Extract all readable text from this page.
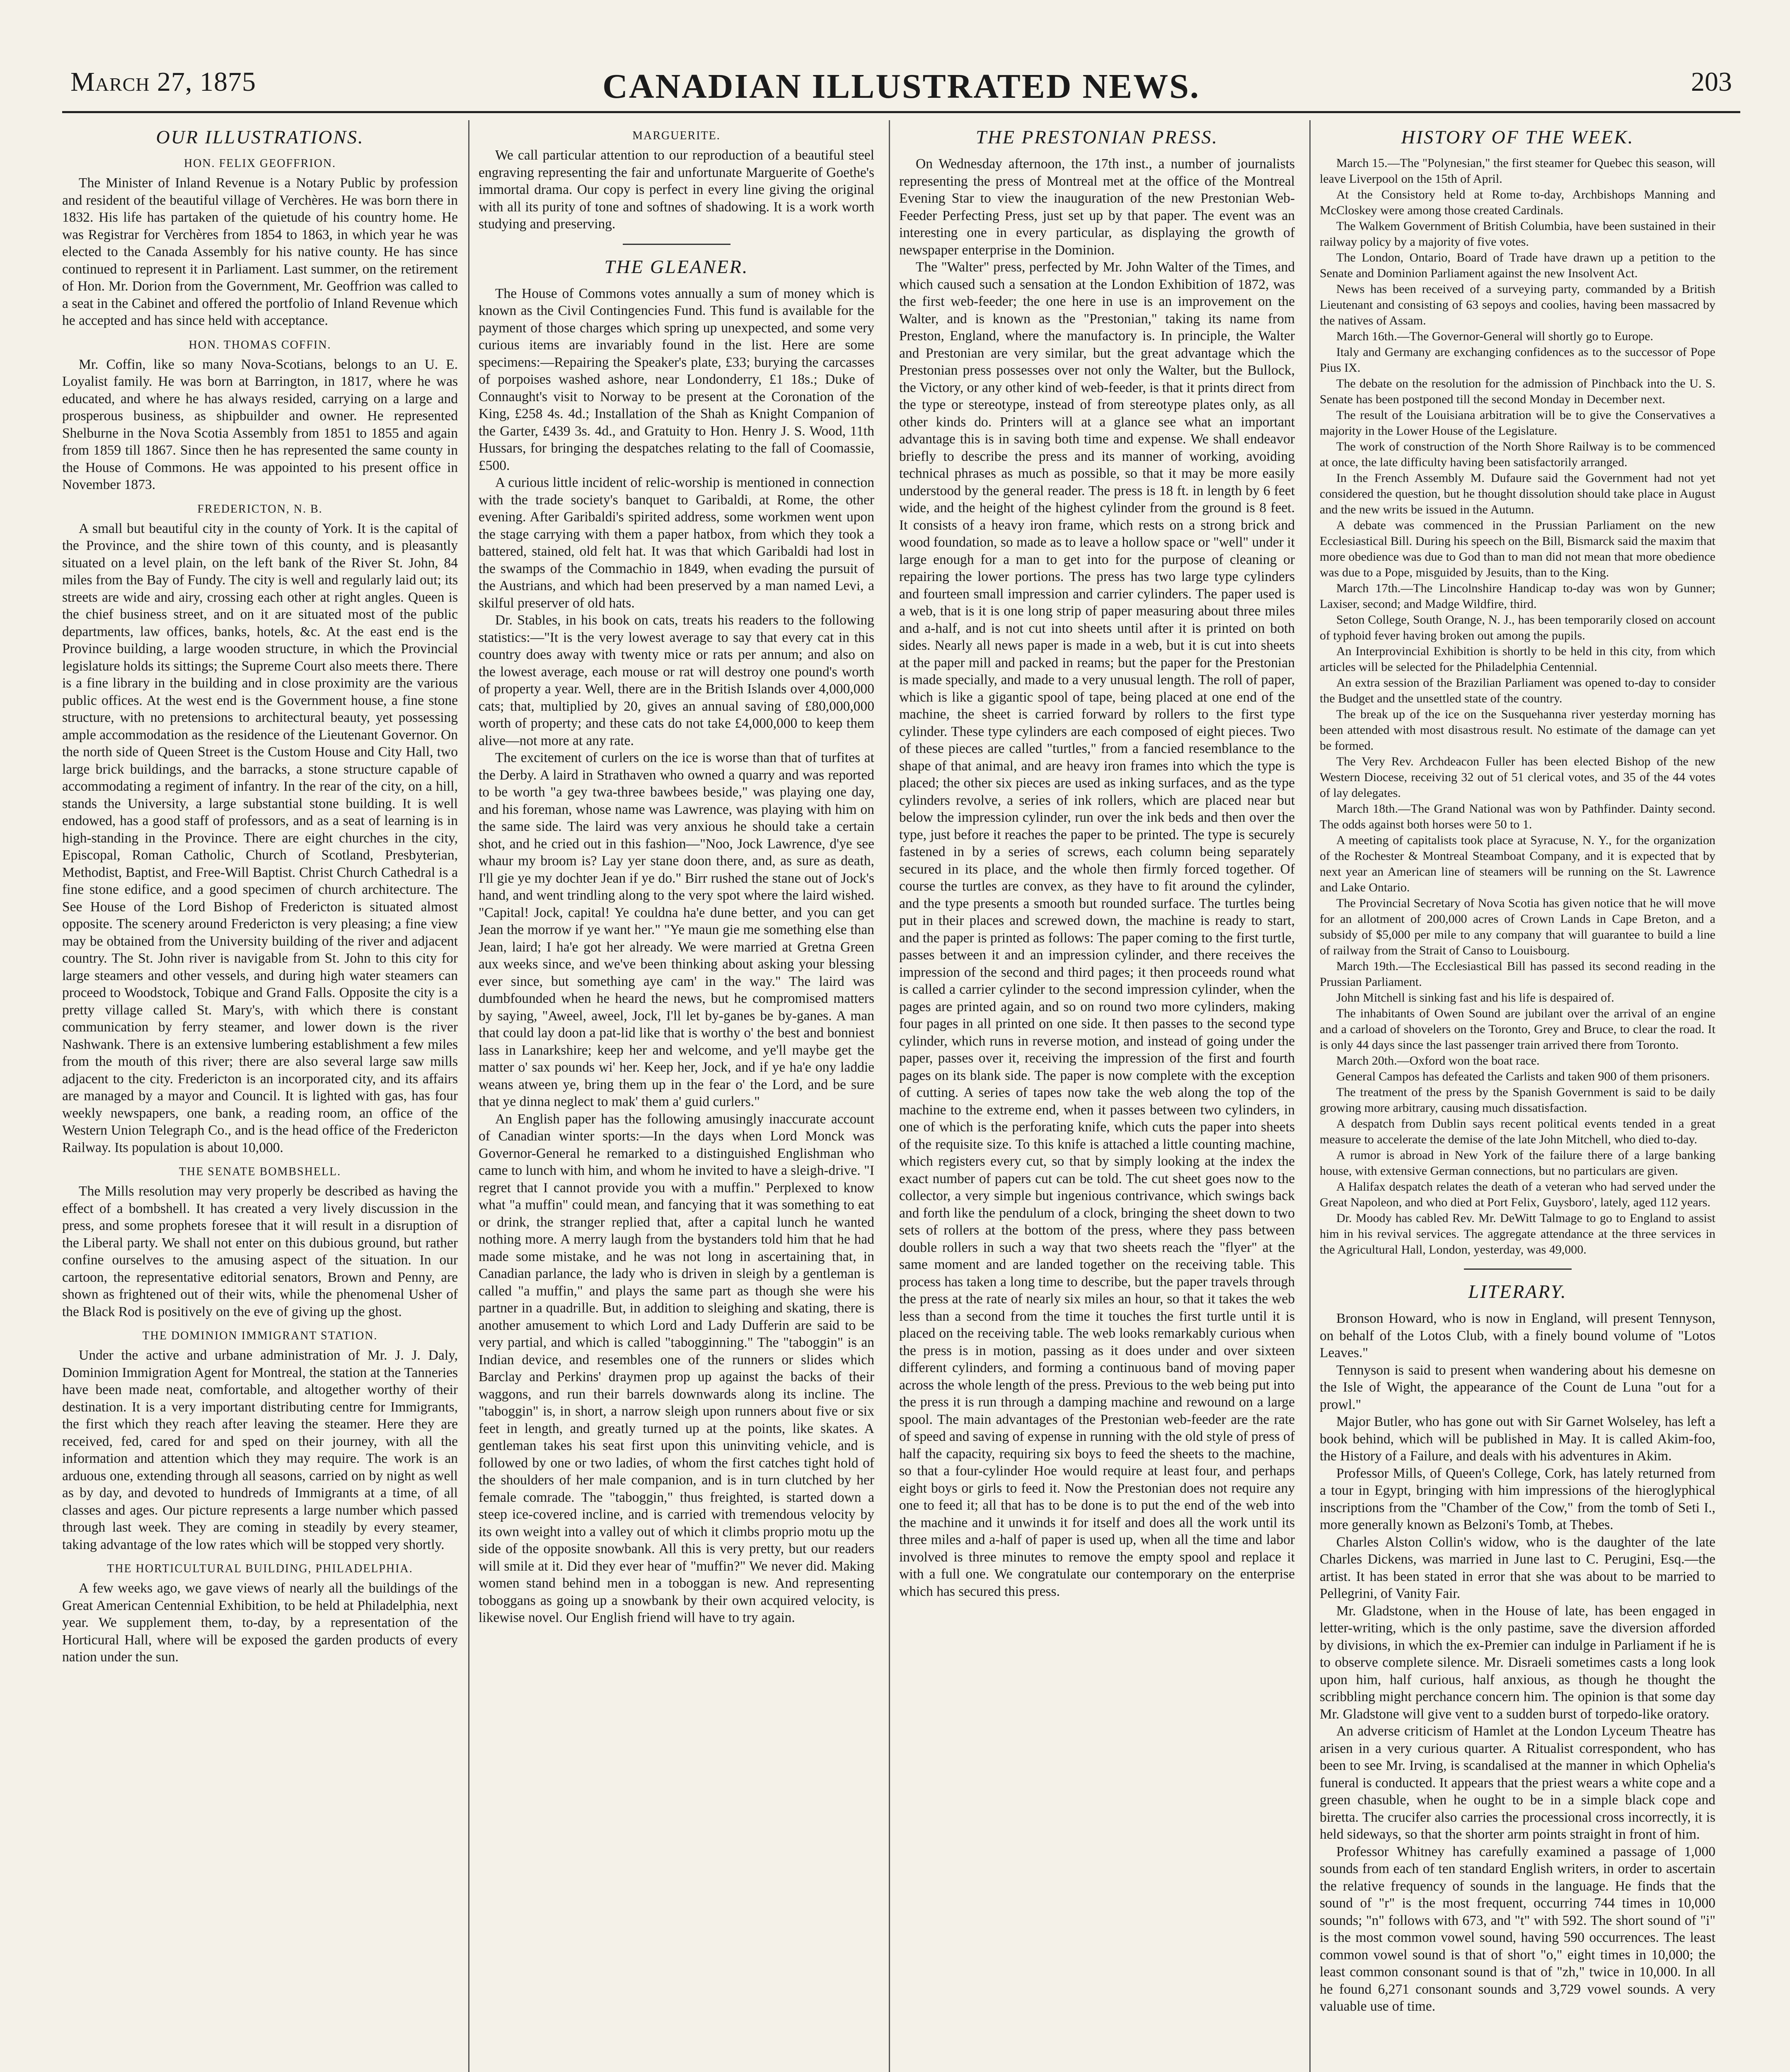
March 27, 1875	CANADIAN ILLUSTRATED NEWS.	203
OUR ILLUSTRATIONS.
HON. FELIX GEOFFRION.

The Minister of Inland Revenue is a Notary Public by profession and resident of the beautiful village of Verchères. He was born there in 1832. His life has partaken of the quietude of his country home. He was Registrar for Verchères from 1854 to 1863, in which year he was elected to the Canada Assembly for his native county. He has since continued to represent it in Parliament. Last summer, on the retirement of Hon. Mr. Dorion from the Government, Mr. Geoffrion was called to a seat in the Cabinet and offered the portfolio of Inland Revenue which he accepted and has since held with acceptance.

HON. THOMAS COFFIN.

Mr. Coffin, like so many Nova-Scotians, belongs to an U. E. Loyalist family. He was born at Barrington, in 1817, where he was educated, and where he has always resided, carrying on a large and prosperous business, as shipbuilder and owner. He represented Shelburne in the Nova Scotia Assembly from 1851 to 1855 and again from 1859 till 1867. Since then he has represented the same county in the House of Commons. He was appointed to his present office in November 1873.

FREDERICTON, N. B.

A small but beautiful city in the county of York. It is the capital of the Province, and the shire town of this county, and is pleasantly situated on a level plain, on the left bank of the River St. John, 84 miles from the Bay of Fundy. The city is well and regularly laid out; its streets are wide and airy, crossing each other at right angles. Queen is the chief business street, and on it are situated most of the public departments, law offices, banks, hotels, &c. At the east end is the Province building, a large wooden structure, in which the Provincial legislature holds its sittings; the Supreme Court also meets there. There is a fine library in the building and in close proximity are the various public offices. At the west end is the Government house, a fine stone structure, with no pretensions to architectural beauty, yet possessing ample accommodation as the residence of the Lieutenant Governor. On the north side of Queen Street is the Custom House and City Hall, two large brick buildings, and the barracks, a stone structure capable of accommodating a regiment of infantry. In the rear of the city, on a hill, stands the University, a large substantial stone building. It is well endowed, has a good staff of professors, and as a seat of learning is in high-standing in the Province. There are eight churches in the city, Episcopal, Roman Catholic, Church of Scotland, Presbyterian, Methodist, Baptist, and Free-Will Baptist. Christ Church Cathedral is a fine stone edifice, and a good specimen of church architecture. The See House of the Lord Bishop of Fredericton is situated almost opposite. The scenery around Fredericton is very pleasing; a fine view may be obtained from the University building of the river and adjacent country. The St. John river is navigable from St. John to this city for large steamers and other vessels, and during high water steamers can proceed to Woodstock, Tobique and Grand Falls. Opposite the city is a pretty village called St. Mary's, with which there is constant communication by ferry steamer, and lower down is the river Nashwank. There is an extensive lumbering establishment a few miles from the mouth of this river; there are also several large saw mills adjacent to the city. Fredericton is an incorporated city, and its affairs are managed by a mayor and Council. It is lighted with gas, has four weekly newspapers, one bank, a reading room, an office of the Western Union Telegraph Co., and is the head office of the Fredericton Railway. Its population is about 10,000.

THE SENATE BOMBSHELL.

The Mills resolution may very properly be described as having the effect of a bombshell. It has created a very lively discussion in the press, and some prophets foresee that it will result in a disruption of the Liberal party. We shall not enter on this dubious ground, but rather confine ourselves to the amusing aspect of the situation. In our cartoon, the representative editorial senators, Brown and Penny, are shown as frightened out of their wits, while the phenomenal Usher of the Black Rod is positively on the eve of giving up the ghost.

THE DOMINION IMMIGRANT STATION.

Under the active and urbane administration of Mr. J. J. Daly, Dominion Immigration Agent for Montreal, the station at the Tanneries have been made neat, comfortable, and altogether worthy of their destination. It is a very important distributing centre for Immigrants, the first which they reach after leaving the steamer. Here they are received, fed, cared for and sped on their journey, with all the information and attention which they may require. The work is an arduous one, extending through all seasons, carried on by night as well as by day, and devoted to hundreds of Immigrants at a time, of all classes and ages. Our picture represents a large number which passed through last week. They are coming in steadily by every steamer, taking advantage of the low rates which will be stopped very shortly.

THE HORTICULTURAL BUILDING, PHILADELPHIA.

A few weeks ago, we gave views of nearly all the buildings of the Great American Centennial Exhibition, to be held at Philadelphia, next year. We supplement them, to-day, by a representation of the Horticural Hall, where will be exposed the garden products of every nation under the sun.

MARGUERITE.

We call particular attention to our reproduction of a beautiful steel engraving representing the fair and unfortunate Marguerite of Goethe's immortal drama. Our copy is perfect in every line giving the original with all its purity of tone and softnes of shadowing. It is a work worth studying and preserving.

THE GLEANER.

The House of Commons votes annually a sum of money which is known as the Civil Contingencies Fund. This fund is available for the payment of those charges which spring up unexpected, and some very curious items are invariably found in the list. Here are some specimens:—Repairing the Speaker's plate, £33; burying the carcasses of porpoises washed ashore, near Londonderry, £1 18s.; Duke of Connaught's visit to Norway to be present at the Coronation of the King, £258 4s. 4d.; Installation of the Shah as Knight Companion of the Garter, £439 3s. 4d., and Gratuity to Hon. Henry J. S. Wood, 11th Hussars, for bringing the despatches relating to the fall of Coomassie, £500.

A curious little incident of relic-worship is mentioned in connection with the trade society's banquet to Garibaldi, at Rome, the other evening. After Garibaldi's spirited address, some workmen went upon the stage carrying with them a paper hatbox, from which they took a battered, stained, old felt hat. It was that which Garibaldi had lost in the swamps of the Commachio in 1849, when evading the pursuit of the Austrians, and which had been preserved by a man named Levi, a skilful preserver of old hats.

Dr. Stables, in his book on cats, treats his readers to the following statistics:—"It is the very lowest average to say that every cat in this country does away with twenty mice or rats per annum; and also on the lowest average, each mouse or rat will destroy one pound's worth of property a year. Well, there are in the British Islands over 4,000,000 cats; that, multiplied by 20, gives an annual saving of £80,000,000 worth of property; and these cats do not take £4,000,000 to keep them alive—not more at any rate.

The excitement of curlers on the ice is worse than that of turfites at the Derby. A laird in Strathaven who owned a quarry and was reported to be worth "a gey twa-three bawbees beside," was playing one day, and his foreman, whose name was Lawrence, was playing with him on the same side. The laird was very anxious he should take a certain shot, and he cried out in this fashion—"Noo, Jock Lawrence, d'ye see whaur my broom is? Lay yer stane doon there, and, as sure as death, I'll gie ye my dochter Jean if ye do." Birr rushed the stane out of Jock's hand, and went trindling along to the very spot where the laird wished. "Capital! Jock, capital! Ye couldna ha'e dune better, and you can get Jean the morrow if ye want her." "Ye maun gie me something else than Jean, laird; I ha'e got her already. We were married at Gretna Green aux weeks since, and we've been thinking about asking your blessing ever since, but something aye cam' in the way." The laird was dumbfounded when he heard the news, but he compromised matters by saying, "Aweel, aweel, Jock, I'll let by-ganes be by-ganes. A man that could lay doon a pat-lid like that is worthy o' the best and bonniest lass in Lanarkshire; keep her and welcome, and ye'll maybe get the matter o' sax pounds wi' her. Keep her, Jock, and if ye ha'e ony laddie weans atween ye, bring them up in the fear o' the Lord, and be sure that ye dinna neglect to mak' them a' guid curlers."

An English paper has the following amusingly inaccurate account of Canadian winter sports:—In the days when Lord Monck was Governor-General he remarked to a distinguished Englishman who came to lunch with him, and whom he invited to have a sleigh-drive. "I regret that I cannot provide you with a muffin." Perplexed to know what "a muffin" could mean, and fancying that it was something to eat or drink, the stranger replied that, after a capital lunch he wanted nothing more. A merry laugh from the bystanders told him that he had made some mistake, and he was not long in ascertaining that, in Canadian parlance, the lady who is driven in sleigh by a gentleman is called "a muffin," and plays the same part as though she were his partner in a quadrille. But, in addition to sleighing and skating, there is another amusement to which Lord and Lady Dufferin are said to be very partial, and which is called "tabogginning." The "taboggin" is an Indian device, and resembles one of the runners or slides which Barclay and Perkins' draymen prop up against the backs of their waggons, and run their barrels downwards along its incline. The "taboggin" is, in short, a narrow sleigh upon runners about five or six feet in length, and greatly turned up at the points, like skates. A gentleman takes his seat first upon this uninviting vehicle, and is followed by one or two ladies, of whom the first catches tight hold of the shoulders of her male companion, and is in turn clutched by her female comrade. The "taboggin," thus freighted, is started down a steep ice-covered incline, and is carried with tremendous velocity by its own weight into a valley out of which it climbs proprio motu up the side of the opposite snowbank. All this is very pretty, but our readers will smile at it. Did they ever hear of "muffin?" We never did. Making women stand behind men in a toboggan is new. And representing toboggans as going up a snowbank by their own acquired velocity, is likewise novel. Our English friend will have to try again.

THE PRESTONIAN PRESS.

On Wednesday afternoon, the 17th inst., a number of journalists representing the press of Montreal met at the office of the Montreal Evening Star to view the inauguration of the new Prestonian Web-Feeder Perfecting Press, just set up by that paper. The event was an interesting one in every particular, as displaying the growth of newspaper enterprise in the Dominion.

The "Walter" press, perfected by Mr. John Walter of the Times, and which caused such a sensation at the London Exhibition of 1872, was the first web-feeder; the one here in use is an improvement on the Walter, and is known as the "Prestonian," taking its name from Preston, England, where the manufactory is. In principle, the Walter and Prestonian are very similar, but the great advantage which the Prestonian press possesses over not only the Walter, but the Bullock, the Victory, or any other kind of web-feeder, is that it prints direct from the type or stereotype, instead of from stereotype plates only, as all other kinds do. Printers will at a glance see what an important advantage this is in saving both time and expense. We shall endeavor briefly to describe the press and its manner of working, avoiding technical phrases as much as possible, so that it may be more easily understood by the general reader. The press is 18 ft. in length by 6 feet wide, and the height of the highest cylinder from the ground is 8 feet. It consists of a heavy iron frame, which rests on a strong brick and wood foundation, so made as to leave a hollow space or "well" under it large enough for a man to get into for the purpose of cleaning or repairing the lower portions. The press has two large type cylinders and fourteen small impression and carrier cylinders. The paper used is a web, that is it is one long strip of paper measuring about three miles and a-half, and is not cut into sheets until after it is printed on both sides. Nearly all news paper is made in a web, but it is cut into sheets at the paper mill and packed in reams; but the paper for the Prestonian is made specially, and made to a very unusual length. The roll of paper, which is like a gigantic spool of tape, being placed at one end of the machine, the sheet is carried forward by rollers to the first type cylinder. These type cylinders are each composed of eight pieces. Two of these pieces are called "turtles," from a fancied resemblance to the shape of that animal, and are heavy iron frames into which the type is placed; the other six pieces are used as inking surfaces, and as the type cylinders revolve, a series of ink rollers, which are placed near but below the impression cylinder, run over the ink beds and then over the type, just before it reaches the paper to be printed. The type is securely fastened in by a series of screws, each column being separately secured in its place, and the whole then firmly forced together. Of course the turtles are convex, as they have to fit around the cylinder, and the type presents a smooth but rounded surface. The turtles being put in their places and screwed down, the machine is ready to start, and the paper is printed as follows: The paper coming to the first turtle, passes between it and an impression cylinder, and there receives the impression of the second and third pages; it then proceeds round what is called a carrier cylinder to the second impression cylinder, when the pages are printed again, and so on round two more cylinders, making four pages in all printed on one side. It then passes to the second type cylinder, which runs in reverse motion, and instead of going under the paper, passes over it, receiving the impression of the first and fourth pages on its blank side. The paper is now complete with the exception of cutting. A series of tapes now take the web along the top of the machine to the extreme end, when it passes between two cylinders, in one of which is the perforating knife, which cuts the paper into sheets of the requisite size. To this knife is attached a little counting machine, which registers every cut, so that by simply looking at the index the exact number of papers cut can be told. The cut sheet goes now to the collector, a very simple but ingenious contrivance, which swings back and forth like the pendulum of a clock, bringing the sheet down to two sets of rollers at the bottom of the press, where they pass between double rollers in such a way that two sheets reach the "flyer" at the same moment and are landed together on the receiving table. This process has taken a long time to describe, but the paper travels through the press at the rate of nearly six miles an hour, so that it takes the web less than a second from the time it touches the first turtle until it is placed on the receiving table. The web looks remarkably curious when the press is in motion, passing as it does under and over sixteen different cylinders, and forming a continuous band of moving paper across the whole length of the press. Previous to the web being put into the press it is run through a damping machine and rewound on a large spool. The main advantages of the Prestonian web-feeder are the rate of speed and saving of expense in running with the old style of press of half the capacity, requiring six boys to feed the sheets to the machine, so that a four-cylinder Hoe would require at least four, and perhaps eight boys or girls to feed it. Now the Prestonian does not require any one to feed it; all that has to be done is to put the end of the web into the machine and it unwinds it for itself and does all the work until its three miles and a-half of paper is used up, when all the time and labor involved is three minutes to remove the empty spool and replace it with a full one. We congratulate our contemporary on the enterprise which has secured this press.

HISTORY OF THE WEEK.

March 15.—The "Polynesian," the first steamer for Quebec this season, will leave Liverpool on the 15th of April.

At the Consistory held at Rome to-day, Archbishops Manning and McCloskey were among those created Cardinals.

The Walkem Government of British Columbia, have been sustained in their railway policy by a majority of five votes.

The London, Ontario, Board of Trade have drawn up a petition to the Senate and Dominion Parliament against the new Insolvent Act.

News has been received of a surveying party, commanded by a British Lieutenant and consisting of 63 sepoys and coolies, having been massacred by the natives of Assam.

March 16th.—The Governor-General will shortly go to Europe.

Italy and Germany are exchanging confidences as to the successor of Pope Pius IX.

The debate on the resolution for the admission of Pinchback into the U. S. Senate has been postponed till the second Monday in December next.

The result of the Louisiana arbitration will be to give the Conservatives a majority in the Lower House of the Legislature.

The work of construction of the North Shore Railway is to be commenced at once, the late difficulty having been satisfactorily arranged.

In the French Assembly M. Dufaure said the Government had not yet considered the question, but he thought dissolution should take place in August and the new writs be issued in the Autumn.

A debate was commenced in the Prussian Parliament on the new Ecclesiastical Bill. During his speech on the Bill, Bismarck said the maxim that more obedience was due to God than to man did not mean that more obedience was due to a Pope, misguided by Jesuits, than to the King.

March 17th.—The Lincolnshire Handicap to-day was won by Gunner; Laxiser, second; and Madge Wildfire, third.

Seton College, South Orange, N. J., has been temporarily closed on account of typhoid fever having broken out among the pupils.

An Interprovincial Exhibition is shortly to be held in this city, from which articles will be selected for the Philadelphia Centennial.

An extra session of the Brazilian Parliament was opened to-day to consider the Budget and the unsettled state of the country.

The break up of the ice on the Susquehanna river yesterday morning has been attended with most disastrous result. No estimate of the damage can yet be formed.

The Very Rev. Archdeacon Fuller has been elected Bishop of the new Western Diocese, receiving 32 out of 51 clerical votes, and 35 of the 44 votes of lay delegates.

March 18th.—The Grand National was won by Pathfinder. Dainty second. The odds against both horses were 50 to 1.

A meeting of capitalists took place at Syracuse, N. Y., for the organization of the Rochester & Montreal Steamboat Company, and it is expected that by next year an American line of steamers will be running on the St. Lawrence and Lake Ontario.

The Provincial Secretary of Nova Scotia has given notice that he will move for an allotment of 200,000 acres of Crown Lands in Cape Breton, and a subsidy of $5,000 per mile to any company that will guarantee to build a line of railway from the Strait of Canso to Louisbourg.

March 19th.—The Ecclesiastical Bill has passed its second reading in the Prussian Parliament.

John Mitchell is sinking fast and his life is despaired of.

The inhabitants of Owen Sound are jubilant over the arrival of an engine and a carload of shovelers on the Toronto, Grey and Bruce, to clear the road. It is only 44 days since the last passenger train arrived there from Toronto.

March 20th.—Oxford won the boat race.

General Campos has defeated the Carlists and taken 900 of them prisoners.

The treatment of the press by the Spanish Government is said to be daily growing more arbitrary, causing much dissatisfaction.

A despatch from Dublin says recent political events tended in a great measure to accelerate the demise of the late John Mitchell, who died to-day.

A rumor is abroad in New York of the failure there of a large banking house, with extensive German connections, but no particulars are given.

A Halifax despatch relates the death of a veteran who had served under the Great Napoleon, and who died at Port Felix, Guysboro', lately, aged 112 years.

Dr. Moody has cabled Rev. Mr. DeWitt Talmage to go to England to assist him in his revival services. The aggregate attendance at the three services in the Agricultural Hall, London, yesterday, was 49,000.

LITERARY.

Bronson Howard, who is now in England, will present Tennyson, on behalf of the Lotos Club, with a finely bound volume of "Lotos Leaves."

Tennyson is said to present when wandering about his demesne on the Isle of Wight, the appearance of the Count de Luna "out for a prowl."

Major Butler, who has gone out with Sir Garnet Wolseley, has left a book behind, which will be published in May. It is called Akim-foo, the History of a Failure, and deals with his adventures in Akim.

Professor Mills, of Queen's College, Cork, has lately returned from a tour in Egypt, bringing with him impressions of the hieroglyphical inscriptions from the "Chamber of the Cow," from the tomb of Seti I., more generally known as Belzoni's Tomb, at Thebes.

Charles Alston Collin's widow, who is the daughter of the late Charles Dickens, was married in June last to C. Perugini, Esq.—the artist. It has been stated in error that she was about to be married to Pellegrini, of Vanity Fair.

Mr. Gladstone, when in the House of late, has been engaged in letter-writing, which is the only pastime, save the diversion afforded by divisions, in which the ex-Premier can indulge in Parliament if he is to observe complete silence. Mr. Disraeli sometimes casts a long look upon him, half curious, half anxious, as though he thought the scribbling might perchance concern him. The opinion is that some day Mr. Gladstone will give vent to a sudden burst of torpedo-like oratory.

An adverse criticism of Hamlet at the London Lyceum Theatre has arisen in a very curious quarter. A Ritualist correspondent, who has been to see Mr. Irving, is scandalised at the manner in which Ophelia's funeral is conducted. It appears that the priest wears a white cope and a green chasuble, when he ought to be in a simple black cope and biretta. The crucifer also carries the processional cross incorrectly, it is held sideways, so that the shorter arm points straight in front of him.

Professor Whitney has carefully examined a passage of 1,000 sounds from each of ten standard English writers, in order to ascertain the relative frequency of sounds in the language. He finds that the sound of "r" is the most frequent, occurring 744 times in 10,000 sounds; "n" follows with 673, and "t" with 592. The short sound of "i" is the most common vowel sound, having 590 occurrences. The least common vowel sound is that of short "o," eight times in 10,000; the least common consonant sound is that of "zh," twice in 10,000. In all he found 6,271 consonant sounds and 3,729 vowel sounds. A very valuable use of time.
